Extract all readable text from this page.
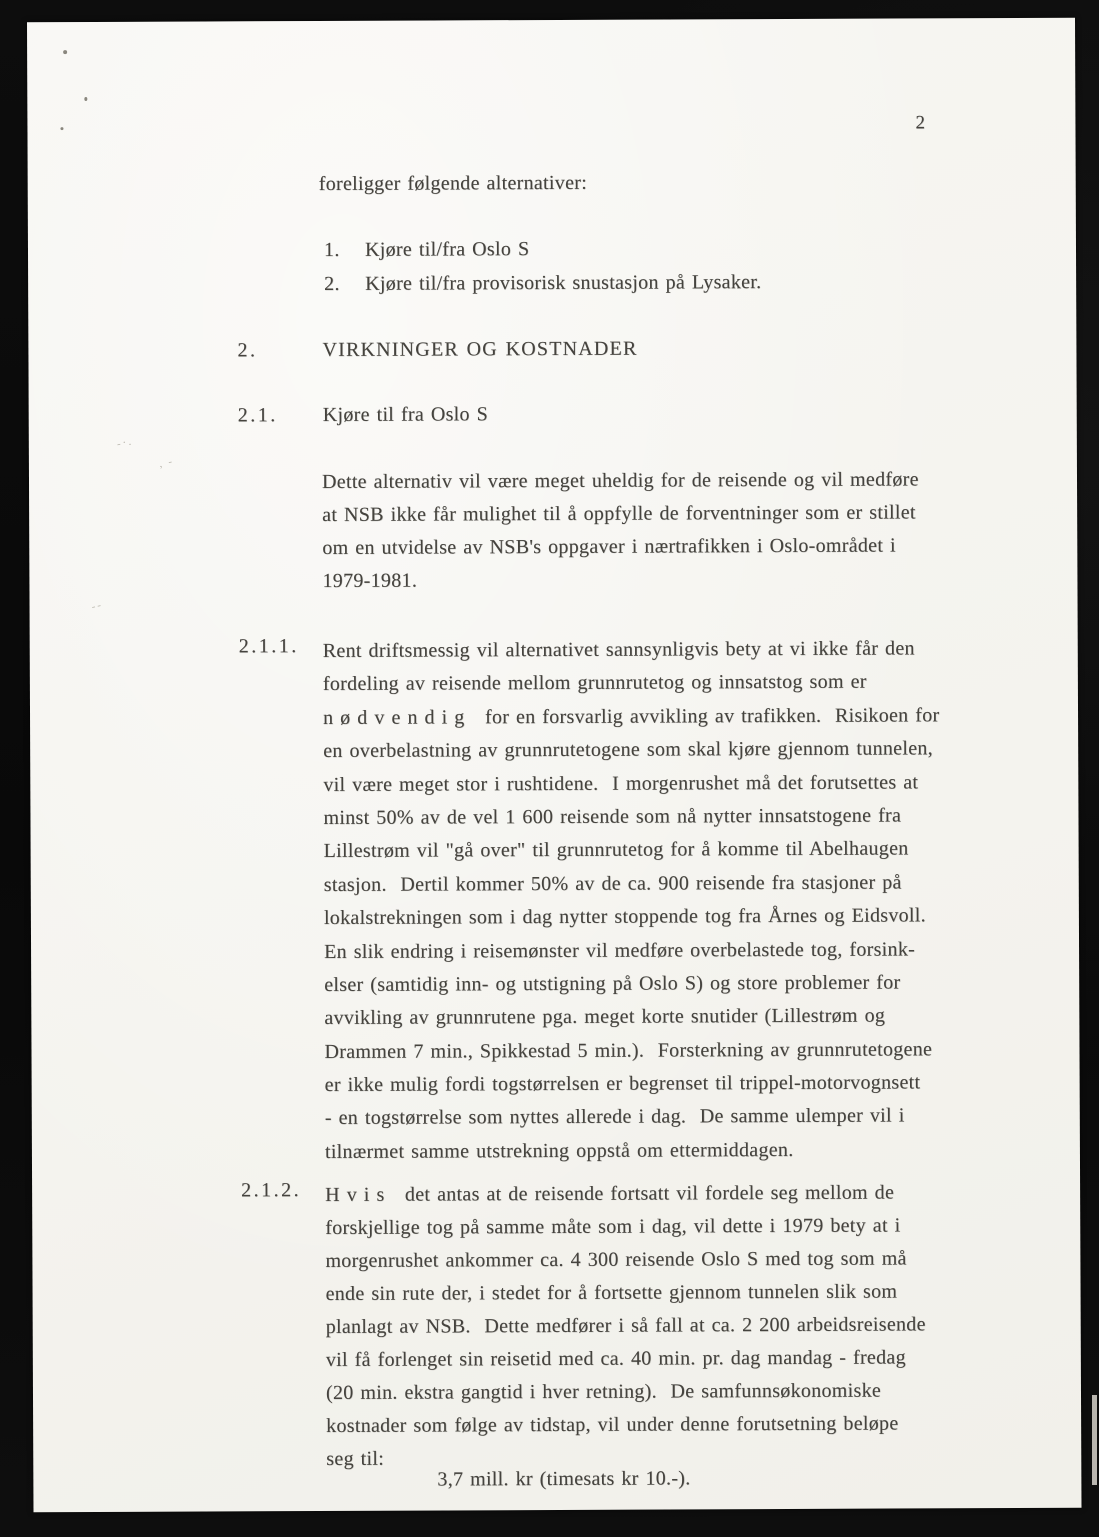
-·.
, -
--
2
foreligger følgende alternativer:
1. Kjøre til/fra Oslo S
2. Kjøre til/fra provisorisk snustasjon på Lysaker.
2.	VIRKNINGER OG KOSTNADER
2.1. Kjøre til fra Oslo S
Dette alternativ vil være meget uheldig for de reisende og vil medføre
at NSB ikke får mulighet til å oppfylle de forventninger som er stillet
om en utvidelse av NSB's oppgaver i nærtrafikken i Oslo-området i
1979-1981.
2.1.1. Rent driftsmessig vil alternativet sannsynligvis bety at vi ikke får den
fordeling av reisende mellom grunnrutetog og innsatstog som er
n ø d v e n d i g   for en forsvarlig avvikling av trafikken.  Risikoen for
en overbelastning av grunnrutetogene som skal kjøre gjennom tunnelen,
vil være meget stor i rushtidene.  I morgenrushet må det forutsettes at
minst 50% av de vel 1 600 reisende som nå nytter innsatstogene fra
Lillestrøm vil "gå over" til grunnrutetog for å komme til Abelhaugen
stasjon.  Dertil kommer 50% av de ca. 900 reisende fra stasjoner på
lokalstrekningen som i dag nytter stoppende tog fra Årnes og Eidsvoll.
En slik endring i reisemønster vil medføre overbelastede tog, forsink-
elser (samtidig inn- og utstigning på Oslo S) og store problemer for
avvikling av grunnrutene pga. meget korte snutider (Lillestrøm og
Drammen 7 min., Spikkestad 5 min.).  Forsterkning av grunnrutetogene
er ikke mulig fordi togstørrelsen er begrenset til trippel-motorvognsett
- en togstørrelse som nyttes allerede i dag.  De samme ulemper vil i
tilnærmet samme utstrekning oppstå om ettermiddagen.
2.1.2. H v i s   det antas at de reisende fortsatt vil fordele seg mellom de
forskjellige tog på samme måte som i dag, vil dette i 1979 bety at i
morgenrushet ankommer ca. 4 300 reisende Oslo S med tog som må
ende sin rute der, i stedet for å fortsette gjennom tunnelen slik som
planlagt av NSB.  Dette medfører i så fall at ca. 2 200 arbeidsreisende
vil få forlenget sin reisetid med ca. 40 min. pr. dag mandag - fredag
(20 min. ekstra gangtid i hver retning).  De samfunnsøkonomiske
kostnader som følge av tidstap, vil under denne forutsetning beløpe
seg til:
3,7 mill. kr (timesats kr 10.-).
